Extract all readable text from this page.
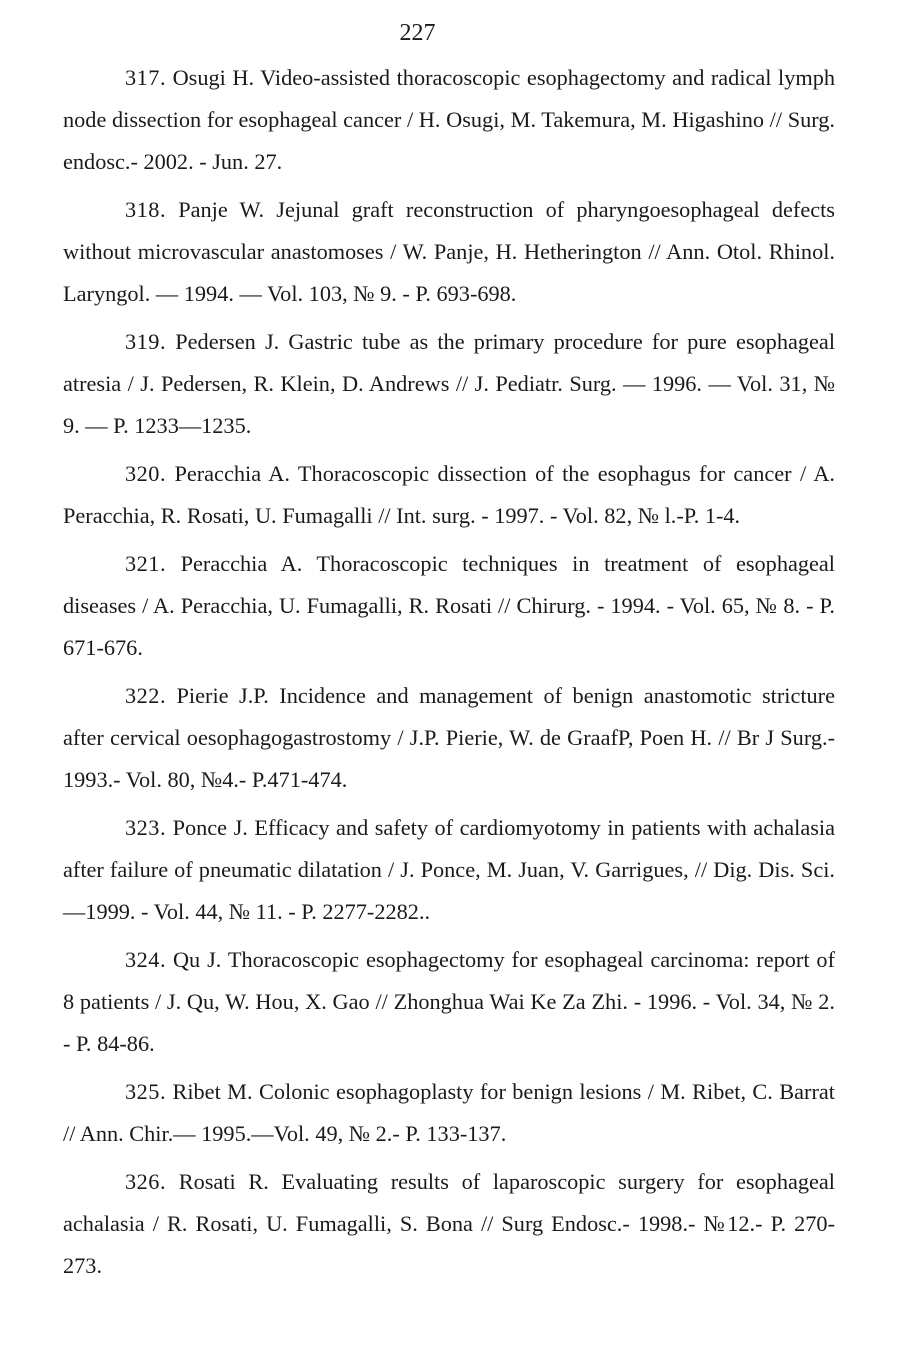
227

317. Osugi H. Video-assisted thoracoscopic esophagectomy and radical lymph node dissection for esophageal cancer / H. Osugi, M. Takemura, M. Higashino // Surg. endosc.- 2002. - Jun. 27.

318. Panje W. Jejunal graft reconstruction of pharyngoesophageal defects without microvascular anastomoses / W. Panje, H. Hetherington // Ann. Otol. Rhinol. Laryngol. — 1994. — Vol. 103, № 9. - P. 693-698.

319. Pedersen J. Gastric tube as the primary procedure for pure esophageal atresia / J. Pedersen, R. Klein, D. Andrews // J. Pediatr. Surg. — 1996. — Vol. 31, № 9. — P. 1233—1235.

320. Peracchia A. Thoracoscopic dissection of the esophagus for cancer / A. Peracchia, R. Rosati, U. Fumagalli // Int. surg. - 1997. - Vol. 82, № l.-P. 1-4.

321. Peracchia A. Thoracoscopic techniques in treatment of esophageal diseases / A. Peracchia, U. Fumagalli, R. Rosati // Chirurg. - 1994. - Vol. 65, № 8. - P. 671-676.

322. Pierie J.P. Incidence and management of benign anastomotic stricture after cervical oesophagogastrostomy / J.P. Pierie, W. de GraafP, Poen H. // Br J Surg.- 1993.- Vol. 80, №4.- P.471-474.

323. Ponce J. Efficacy and safety of cardiomyotomy in patients with achalasia after failure of pneumatic dilatation / J. Ponce, M. Juan, V. Garrigues, // Dig. Dis. Sci. —1999. - Vol. 44, № 11. - P. 2277-2282..

324. Qu J. Thoracoscopic esophagectomy for esophageal carcinoma: report of 8 patients / J. Qu, W. Hou, X. Gao // Zhonghua Wai Ke Za Zhi. - 1996. - Vol. 34, № 2. - P. 84-86.

325. Ribet M. Colonic esophagoplasty for benign lesions / M. Ribet, C. Barrat // Ann. Chir.— 1995.—Vol. 49, № 2.- P. 133-137.

326. Rosati R. Evaluating results of laparoscopic surgery for esophageal achalasia / R. Rosati, U. Fumagalli, S. Bona // Surg Endosc.- 1998.- №12.- P. 270-273.
